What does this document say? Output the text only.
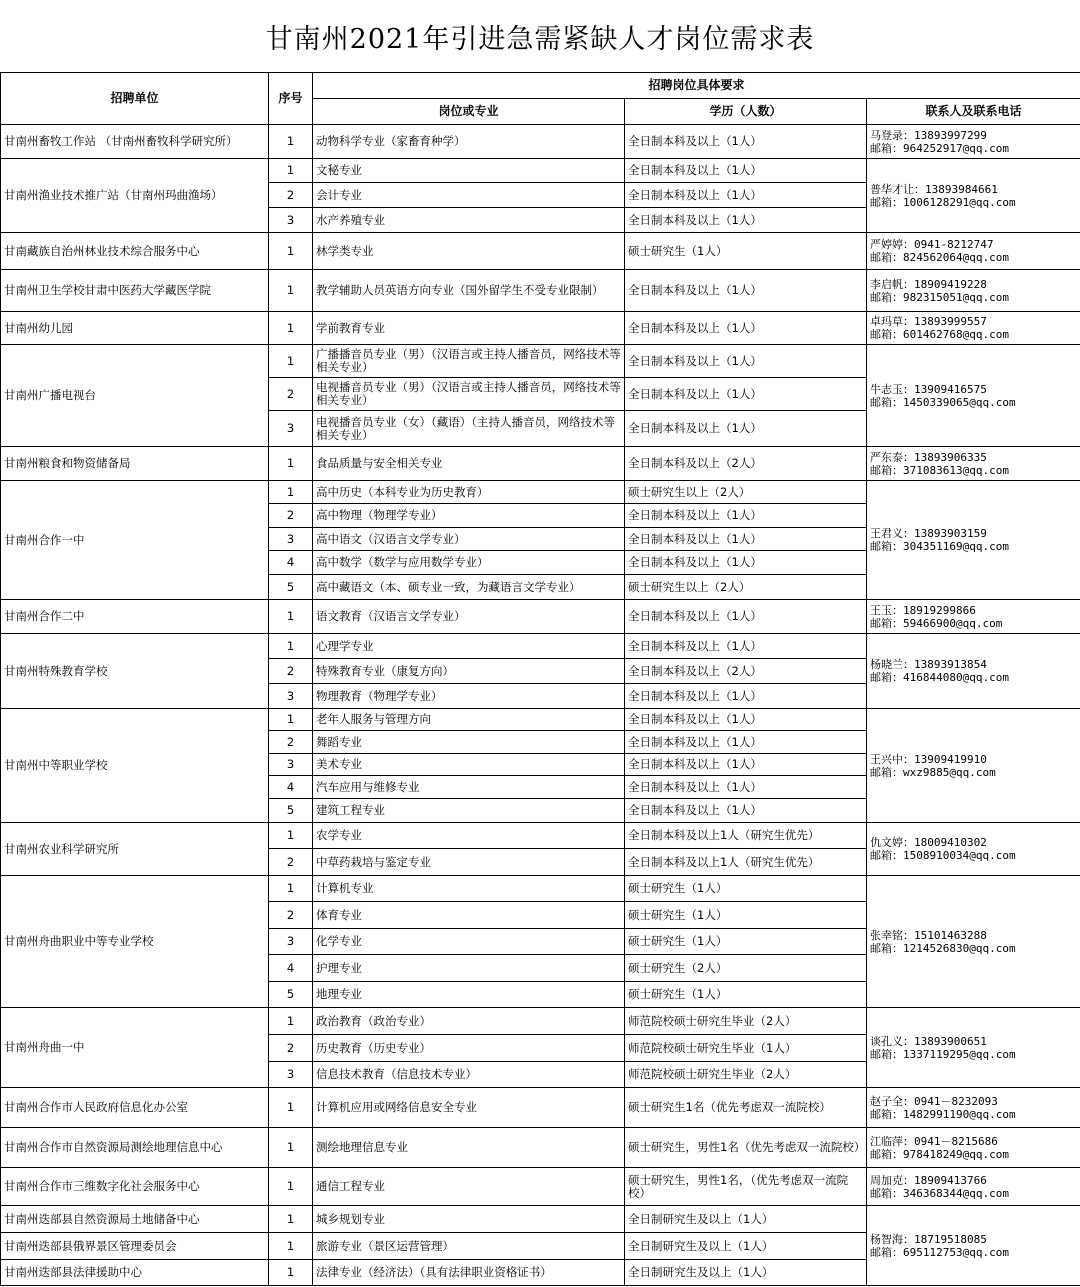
甘南州2021年引进急需紧缺人才岗位需求表
招聘单位	序号	招聘岗位具体要求		
		岗位或专业	学历（人数）	联系人及联系电话
甘南州畜牧工作站 （甘南州畜牧科学研究所）	1	动物科学专业（家畜育种学）	全日制本科及以上（1人）	马登录：13893997299
邮箱：964252917@qq.com

甘南州渔业技术推广站（甘南州玛曲渔场）	1	文秘专业	全日制本科及以上（1人）	普华才让：13893984661
邮箱：1006128291@qq.com

	2	会计专业	全日制本科及以上（1人）	
	3	水产养殖专业	全日制本科及以上（1人）	
甘南藏族自治州林业技术综合服务中心	1	林学类专业	硕士研究生（1人）	严婷婷：0941-8212747
邮箱：824562064@qq.com

甘南州卫生学校甘肃中医药大学藏医学院	1	教学辅助人员英语方向专业（国外留学生不受专业限制）	全日制本科及以上（1人）	李启帆：18909419228
邮箱：982315051@qq.com

甘南州幼儿园	1	学前教育专业	全日制本科及以上（1人）	卓玛草：13893999557
邮箱：601462768@qq.com

甘南州广播电视台	1	广播播音员专业（男）（汉语言或主持人播音员，网络技术等相关专业）	全日制本科及以上（1人）	牛志玉：13909416575
邮箱：1450339065@qq.com

	2	电视播音员专业（男）（汉语言或主持人播音员，网络技术等相关专业）	全日制本科及以上（1人）	
	3	电视播音员专业（女）（藏语）（主持人播音员，网络技术等相关专业）	全日制本科及以上（1人）	
甘南州粮食和物资储备局	1	食品质量与安全相关专业	全日制本科及以上（2人）	严东泰：13893906335
邮箱：371083613@qq.com

甘南州合作一中	1	高中历史（本科专业为历史教育）	硕士研究生以上（2人）	王君义：13893903159
邮箱：304351169@qq.com

	2	高中物理（物理学专业）	全日制本科及以上（1人）	
	3	高中语文（汉语言文学专业）	全日制本科及以上（1人）	
	4	高中数学（数学与应用数学专业）	全日制本科及以上（1人）	
	5	高中藏语文（本、硕专业一致，为藏语言文学专业）	硕士研究生以上（2人）	
甘南州合作二中	1	语文教育（汉语言文学专业）	全日制本科及以上（1人）	王玉：18919299866
邮箱：59466900@qq.com

甘南州特殊教育学校	1	心理学专业	全日制本科及以上（1人）	杨晓兰：13893913854
邮箱：416844080@qq.com

	2	特殊教育专业（康复方向）	全日制本科及以上（2人）	
	3	物理教育（物理学专业）	全日制本科及以上（1人）	
甘南州中等职业学校	1	老年人服务与管理方向	全日制本科及以上（1人）	王兴中：13909419910
邮箱：wxz9885@qq.com

	2	舞蹈专业	全日制本科及以上（1人）	
	3	美术专业	全日制本科及以上（1人）	
	4	汽车应用与维修专业	全日制本科及以上（1人）	
	5	建筑工程专业	全日制本科及以上（1人）	
甘南州农业科学研究所	1	农学专业	全日制本科及以上1人（研究生优先）	仇文婷：18009410302
邮箱：1508910034@qq.com

	2	中草药栽培与鉴定专业	全日制本科及以上1人（研究生优先）	
甘南州舟曲职业中等专业学校	1	计算机专业	硕士研究生（1人）	张幸铭：15101463288
邮箱：1214526830@qq.com

	2	体育专业	硕士研究生（1人）	
	3	化学专业	硕士研究生（1人）	
	4	护理专业	硕士研究生（2人）	
	5	地理专业	硕士研究生（1人）	
甘南州舟曲一中	1	政治教育（政治专业）	师范院校硕士研究生毕业（2人）	谈孔义：13893900651
邮箱：1337119295@qq.com

	2	历史教育（历史专业）	师范院校硕士研究生毕业（1人）	
	3	信息技术教育（信息技术专业）	师范院校硕士研究生毕业（2人）	
甘南州合作市人民政府信息化办公室	1	计算机应用或网络信息安全专业	硕士研究生1名（优先考虑双一流院校）	赵子全：0941－8232093
邮箱：1482991190@qq.com

甘南州合作市自然资源局测绘地理信息中心	1	测绘地理信息专业	硕士研究生，男性1名（优先考虑双一流院校）	江临萍：0941－8215686
邮箱：978418249@qq.com

甘南州合作市三维数字化社会服务中心	1	通信工程专业	硕士研究生，男性1名，（优先考虑双一流院校）	周加克：18909413766
邮箱：346368344@qq.com

甘南州迭部县自然资源局土地储备中心	1	城乡规划专业	全日制研究生及以上（1人）	杨智海：18719518085
邮箱：695112753@qq.com

甘南州迭部县俄界景区管理委员会	1	旅游专业（景区运营管理）	全日制研究生及以上（1人）	
甘南州迭部县法律援助中心	1	法律专业（经济法）（具有法律职业资格证书）	全日制研究生及以上（1人）	
